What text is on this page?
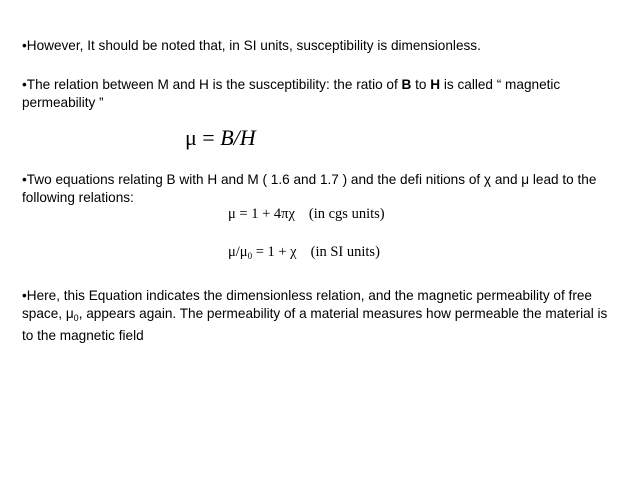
•However, It should be noted that, in SI units, susceptibility is dimensionless.

•The relation between M and H is the susceptibility: the ratio of B to H is called “ magnetic permeability ”

μ = B/H

•Two equations relating B with H and M ( 1.6 and 1.7 ) and the defi nitions of χ and μ lead to the following relations:

μ = 1 + 4πχ (in cgs units)
$\mu/\mu_0 = 1 + \chi$ (in SI units)

•Here, this Equation indicates the dimensionless relation, and the magnetic permeability of free space, $\mu_0$, appears again. The permeability of a material measures how permeable the material is to the magnetic field
